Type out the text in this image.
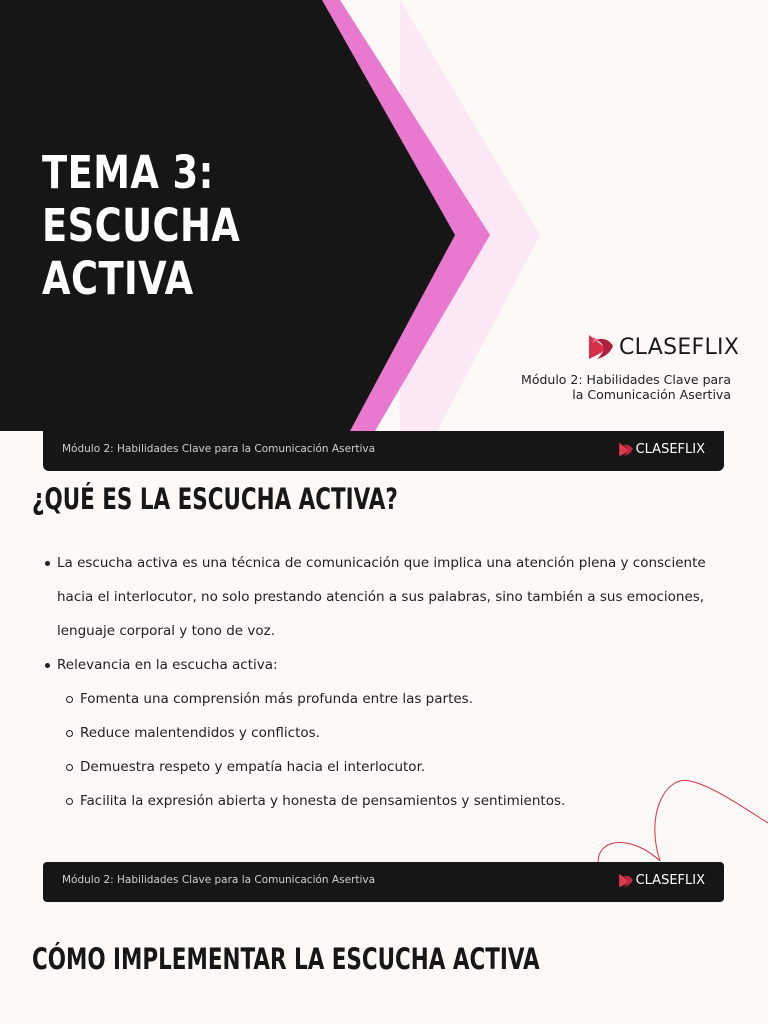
TEMA 3: ESCUCHA ACTIVA
CLASEFLIX
Módulo 2: Habilidades Clave para
la Comunicación Asertiva
Módulo 2: Habilidades Clave para la Comunicación Asertiva	CLASEFLIX
¿QUÉ ES LA ESCUCHA ACTIVA?
La escucha activa es una técnica de comunicación que implica una atención plena y consciente hacia el interlocutor, no solo prestando atención a sus palabras, sino también a sus emociones, lenguaje corporal y tono de voz.
Relevancia en la escucha activa:
Fomenta una comprensión más profunda entre las partes.
Reduce malentendidos y conflictos.
Demuestra respeto y empatía hacia el interlocutor.
Facilita la expresión abierta y honesta de pensamientos y sentimientos.
Módulo 2: Habilidades Clave para la Comunicación Asertiva	CLASEFLIX
CÓMO IMPLEMENTAR LA ESCUCHA ACTIVA
